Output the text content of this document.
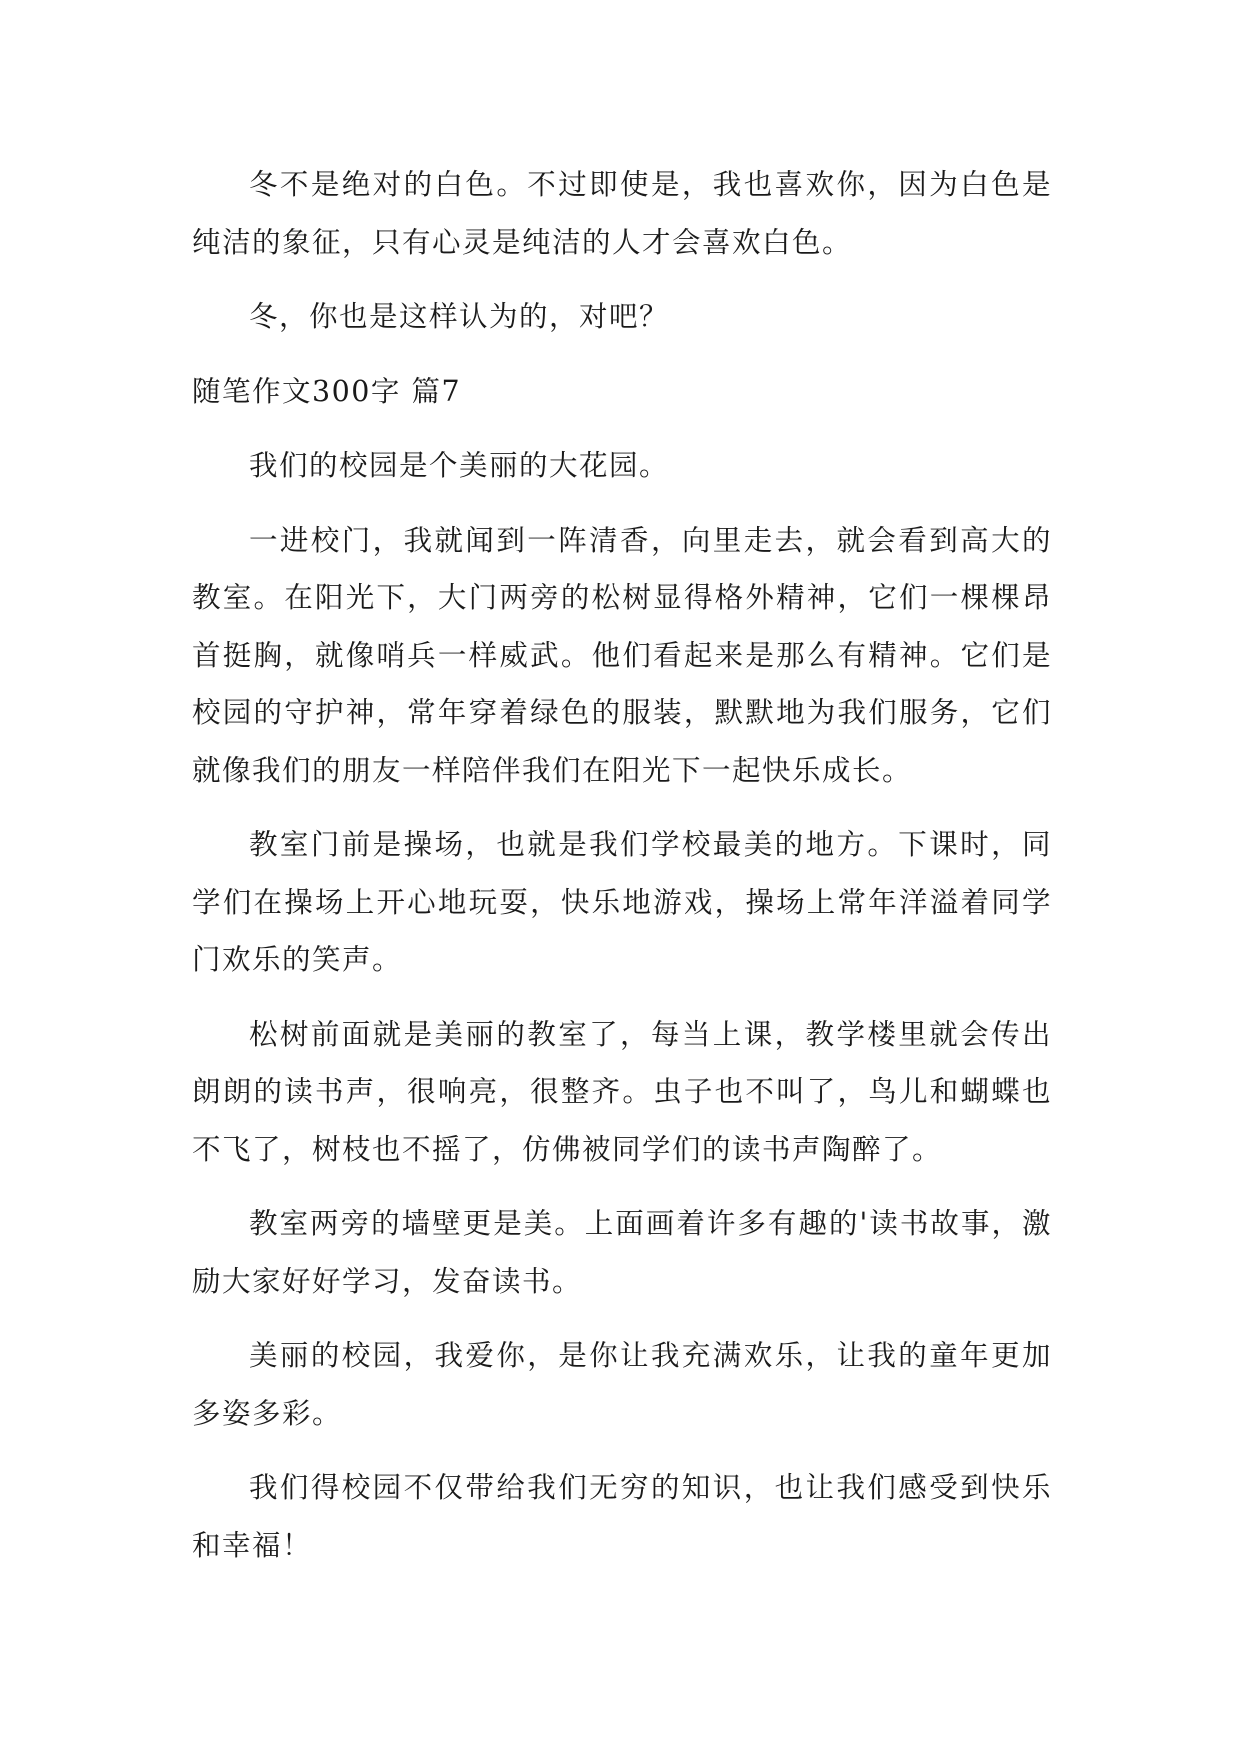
冬不是绝对的白色。不过即使是，我也喜欢你，因为白色是纯洁的象征，只有心灵是纯洁的人才会喜欢白色。

冬，你也是这样认为的，对吧？

随笔作文300字 篇7

我们的校园是个美丽的大花园。

一进校门，我就闻到一阵清香，向里走去，就会看到高大的教室。在阳光下，大门两旁的松树显得格外精神，它们一棵棵昂首挺胸，就像哨兵一样威武。他们看起来是那么有精神。它们是校园的守护神，常年穿着绿色的服装，默默地为我们服务，它们就像我们的朋友一样陪伴我们在阳光下一起快乐成长。

教室门前是操场，也就是我们学校最美的地方。下课时，同学们在操场上开心地玩耍，快乐地游戏，操场上常年洋溢着同学门欢乐的笑声。

松树前面就是美丽的教室了，每当上课，教学楼里就会传出朗朗的读书声，很响亮，很整齐。虫子也不叫了，鸟儿和蝴蝶也不飞了，树枝也不摇了，仿佛被同学们的读书声陶醉了。

教室两旁的墙壁更是美。上面画着许多有趣的'读书故事，激励大家好好学习，发奋读书。

美丽的校园，我爱你，是你让我充满欢乐，让我的童年更加多姿多彩。

我们得校园不仅带给我们无穷的知识，也让我们感受到快乐和幸福！
